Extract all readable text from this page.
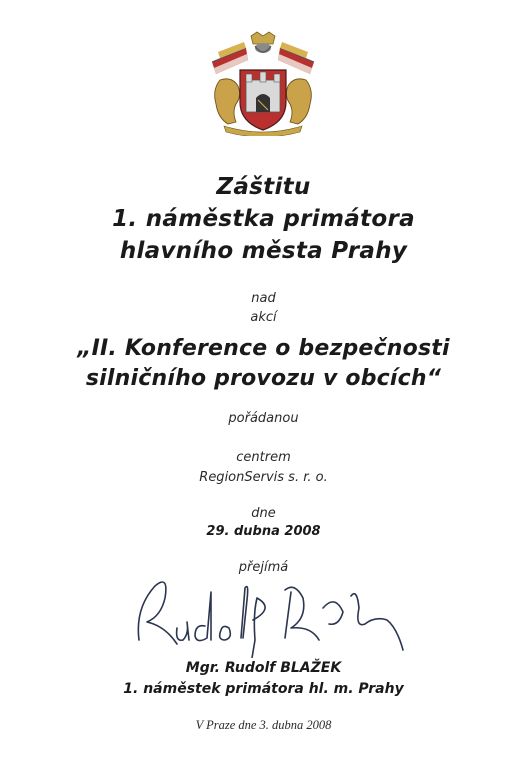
Záštitu
1. náměstka primátora
hlavního města Prahy
nad
akcí
„II. Konference o bezpečnosti
silničního provozu v obcích“
pořádanou
centrem
RegionServis s. r. o.
dne
29. dubna 2008
přejímá
Mgr. Rudolf BLAŽEK
1. náměstek primátora hl. m. Prahy
V Praze dne 3. dubna 2008
